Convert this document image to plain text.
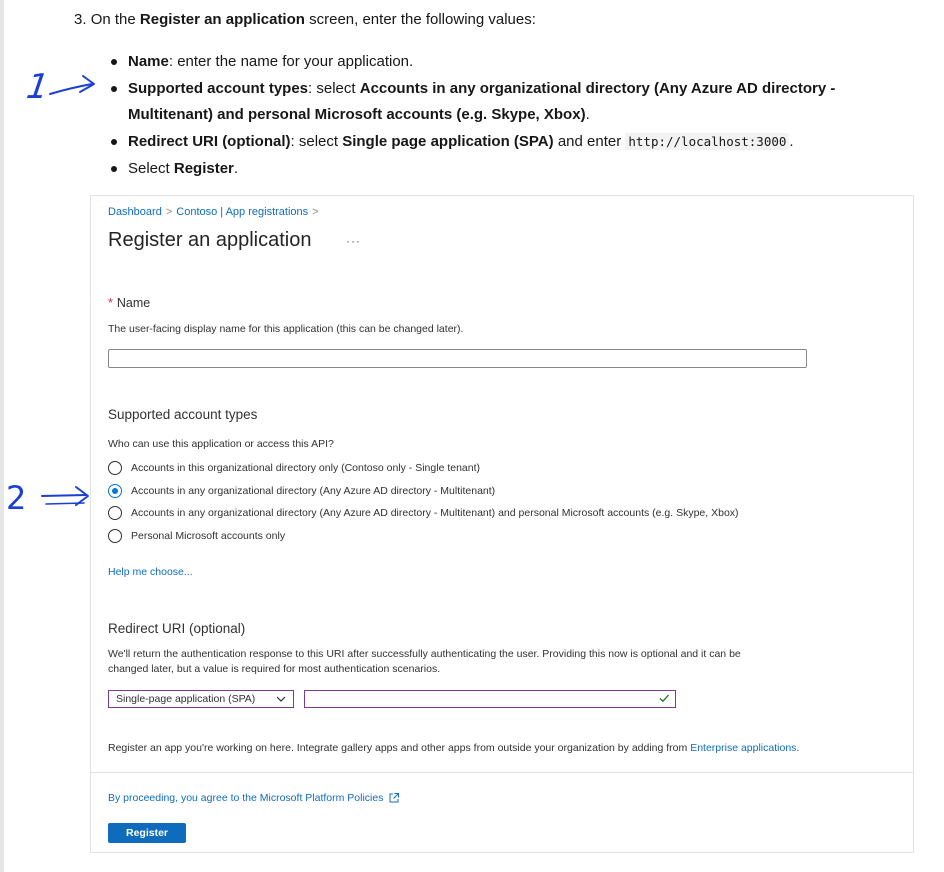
3. On the Register an application screen, enter the following values:
Name: enter the name for your application.
Supported account types: select Accounts in any organizational directory (Any Azure AD directory - Multitenant) and personal Microsoft accounts (e.g. Skype, Xbox).
Redirect URI (optional): select Single page application (SPA) and enter http://localhost:3000 .
Select Register.
1
2
Dashboard > Contoso | App registrations >
Register an application	···
* Name
The user-facing display name for this application (this can be changed later).
Supported account types
Who can use this application or access this API?
Accounts in this organizational directory only (Contoso only - Single tenant)
Accounts in any organizational directory (Any Azure AD directory - Multitenant)
Accounts in any organizational directory (Any Azure AD directory - Multitenant) and personal Microsoft accounts (e.g. Skype, Xbox)
Personal Microsoft accounts only
Help me choose...
Redirect URI (optional)
We'll return the authentication response to this URI after successfully authenticating the user. Providing this now is optional and it can be
changed later, but a value is required for most authentication scenarios.
Single-page application (SPA)
Register an app you're working on here. Integrate gallery apps and other apps from outside your organization by adding from Enterprise applications.
By proceeding, you agree to the Microsoft Platform Policies
Register
